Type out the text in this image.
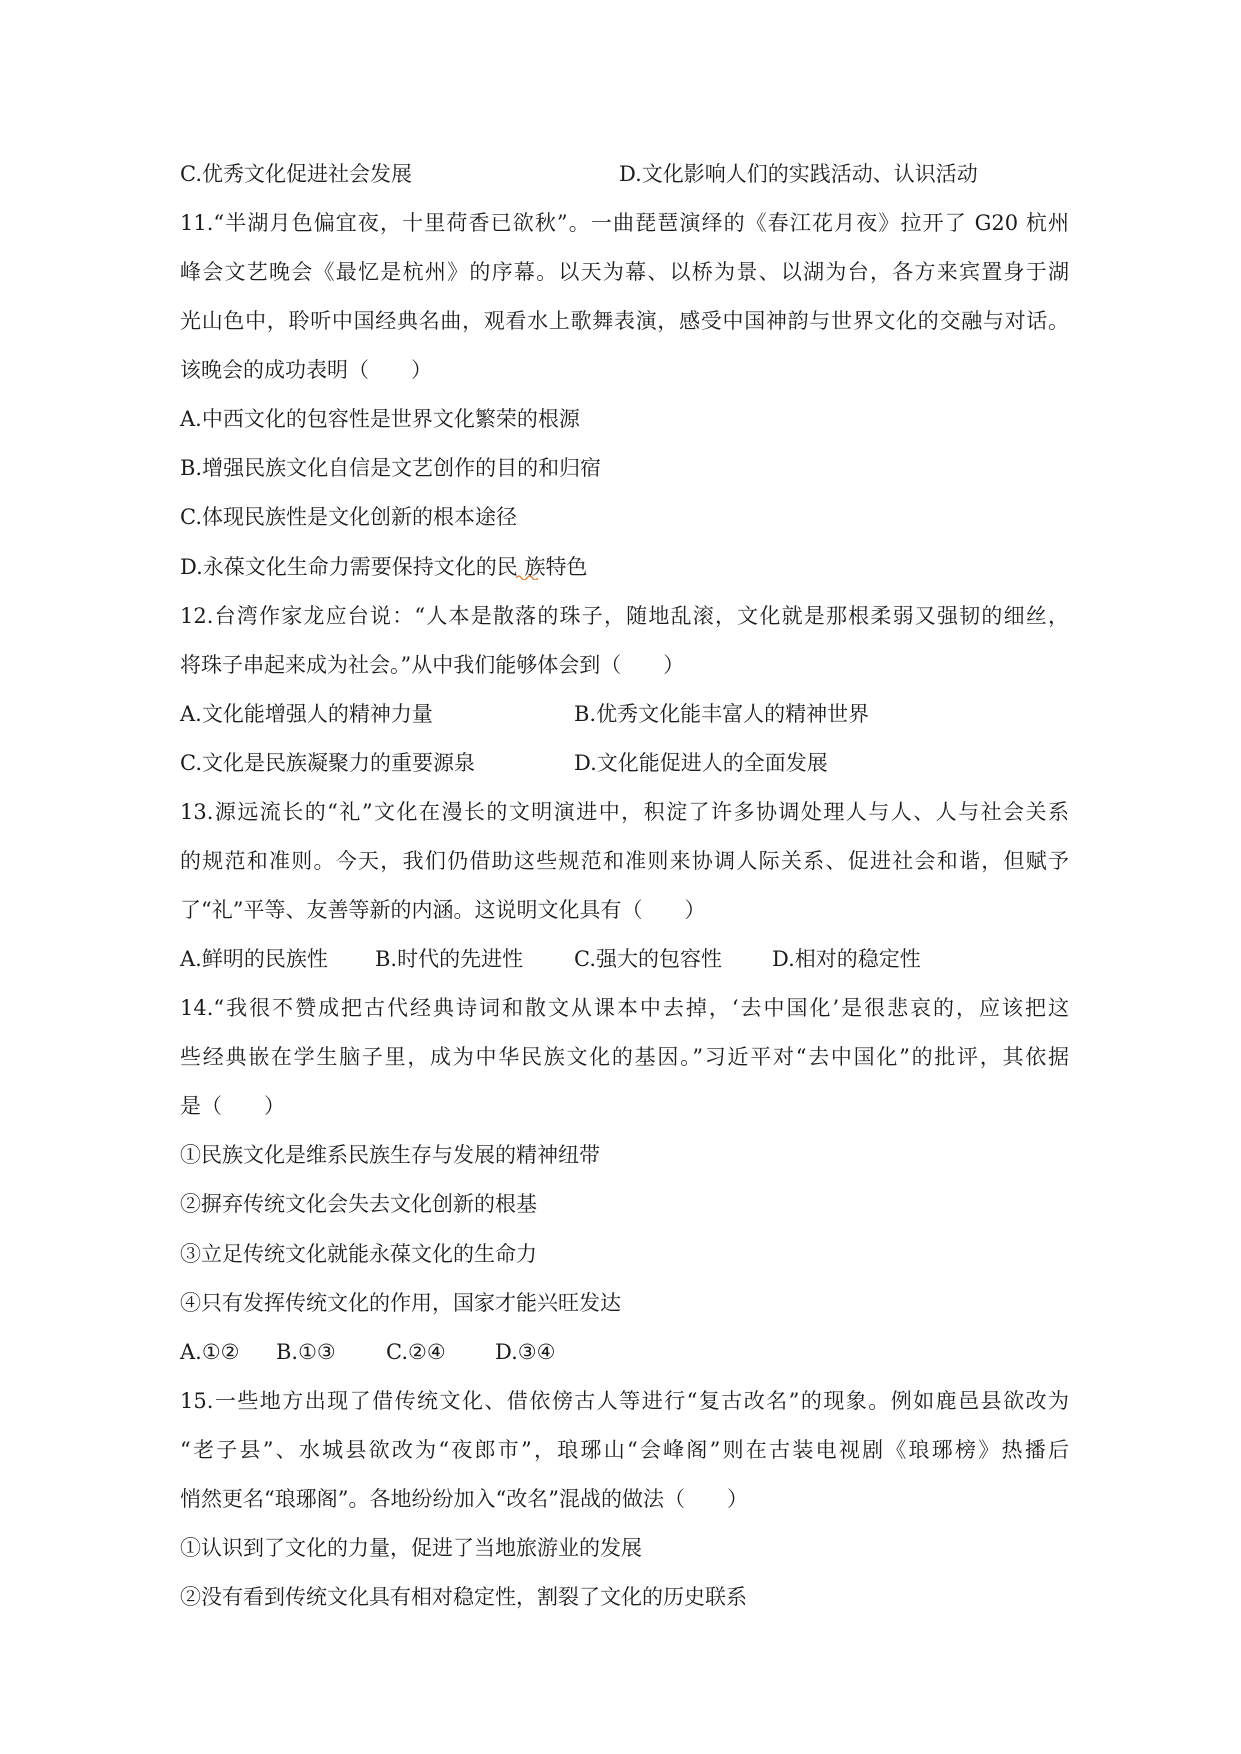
C.优秀文化促进社会发展	D.文化影响人们的实践活动、认识活动
11.“半湖月色偏宜夜，十里荷香已欲秋”。一曲琵琶演绎的《春江花月夜》拉开了 G20 杭州
峰会文艺晚会《最忆是杭州》的序幕。以天为幕、以桥为景、以湖为台，各方来宾置身于湖
光山色中，聆听中国经典名曲，观看水上歌舞表演，感受中国神韵与世界文化的交融与对话。
该晚会的成功表明（　　）
A.中西文化的包容性是世界文化繁荣的根源
B.增强民族文化自信是文艺创作的目的和归宿
C.体现民族性是文化创新的根本途径
D.永葆文化生命力需要保持文化的民 族特色
12.台湾作家龙应台说：“人本是散落的珠子，随地乱滚，文化就是那根柔弱又强韧的细丝，
将珠子串起来成为社会。”从中我们能够体会到（　　）
A.文化能增强人的精神力量	B.优秀文化能丰富人的精神世界
C.文化是民族凝聚力的重要源泉	D.文化能促进人的全面发展
13.源远流长的“礼”文化在漫长的文明演进中，积淀了许多协调处理人与人、人与社会关系
的规范和准则。今天，我们仍借助这些规范和准则来协调人际关系、促进社会和谐，但赋予
了“礼”平等、友善等新的内涵。这说明文化具有（　　）
A.鲜明的民族性 B.时代的先进性 C.强大的包容性 D.相对的稳定性
14.“我很不赞成把古代经典诗词和散文从课本中去掉，‘去中国化’是很悲哀的，应该把这
些经典嵌在学生脑子里，成为中华民族文化的基因。”习近平对“去中国化”的批评，其依据
是（　　）
①民族文化是维系民族生存与发展的精神纽带
②摒弃传统文化会失去文化创新的根基
③立足传统文化就能永葆文化的生命力
④只有发挥传统文化的作用，国家才能兴旺发达
A.①② B.①③ C.②④ D.③④
15.一些地方出现了借传统文化、借依傍古人等进行“复古改名”的现象。例如鹿邑县欲改为
“老子县”、水城县欲改为“夜郎市”，琅琊山“会峰阁”则在古装电视剧《琅琊榜》热播后
悄然更名“琅琊阁”。各地纷纷加入“改名”混战的做法（　　）
①认识到了文化的力量，促进了当地旅游业的发展
②没有看到传统文化具有相对稳定性，割裂了文化的历史联系
